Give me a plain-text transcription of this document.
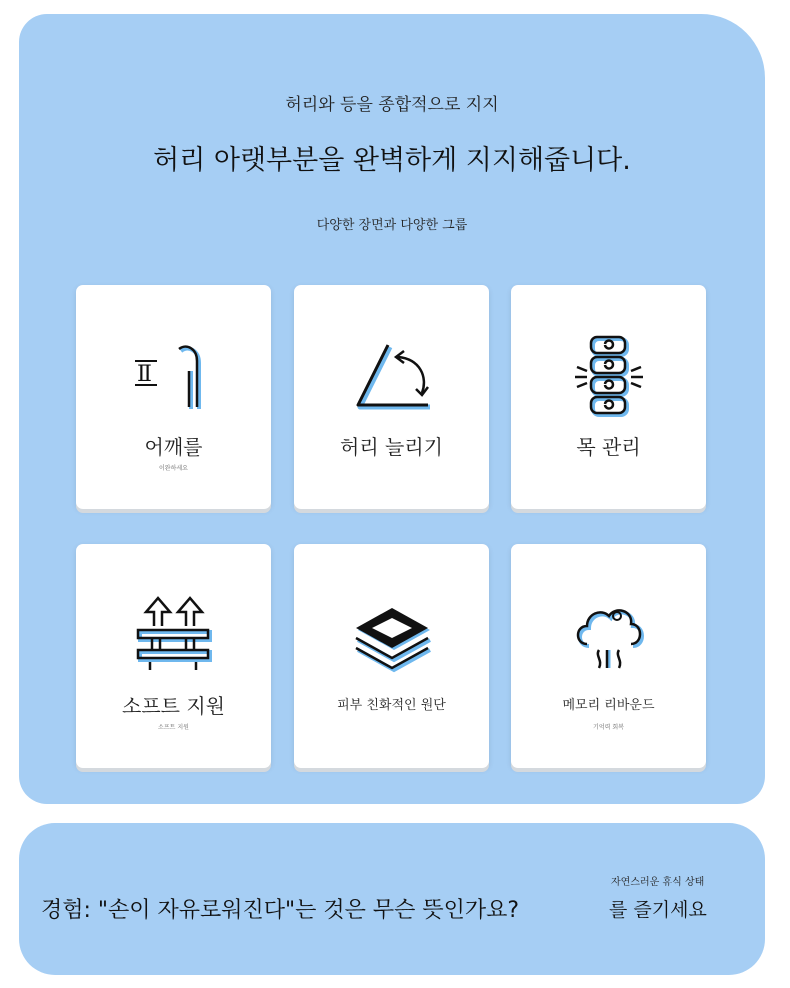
허리와 등을 종합적으로 지지
허리 아랫부분을 완벽하게 지지해줍니다.
다양한 장면과 다양한 그룹
Ⅱ
어깨를
이완하세요
허리 늘리기	목 관리
소프트 지원
소프트 지원
피부 친화적인 원단	메모리 리바운드
기억력 회복
경험: "손이 자유로워진다"는 것은 무슨 뜻인가요?
자연스러운 휴식 상태
를 즐기세요
